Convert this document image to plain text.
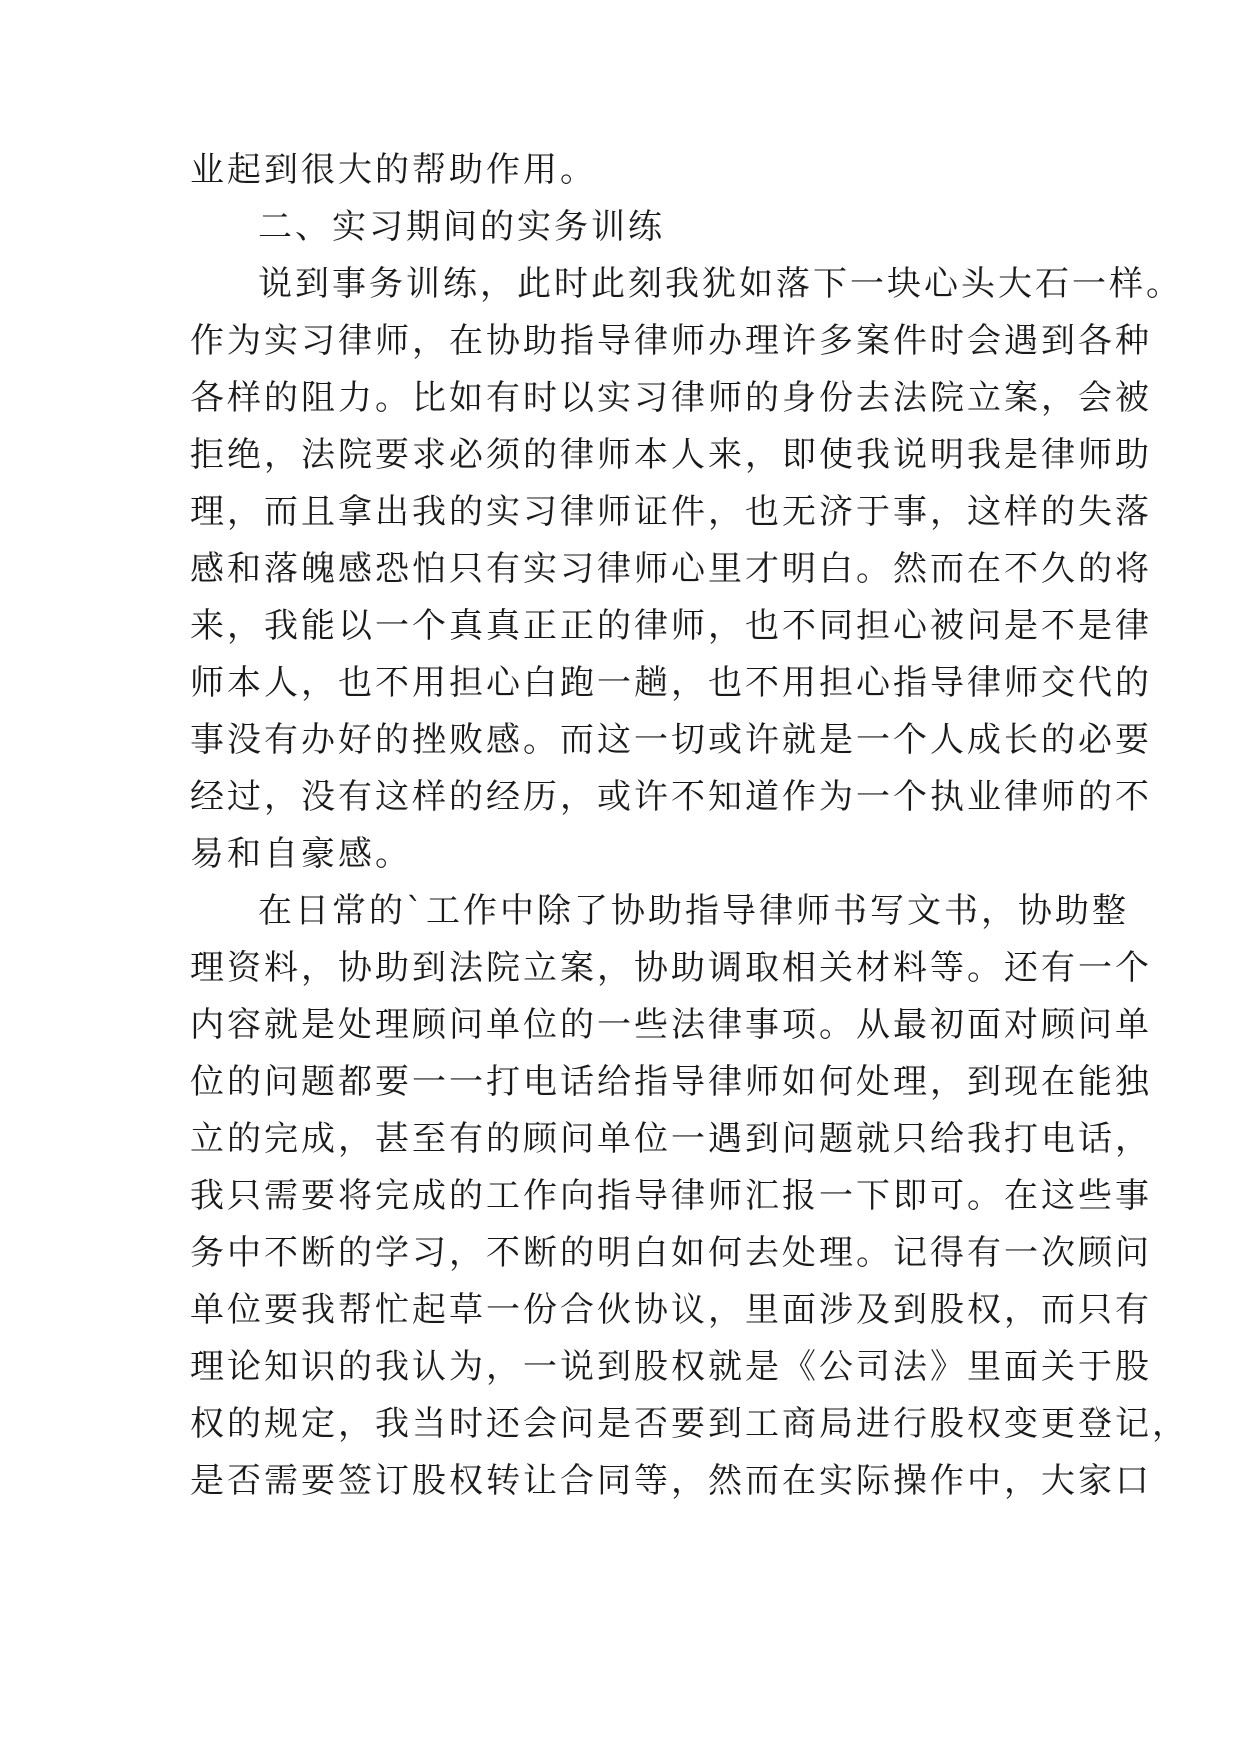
业起到很大的帮助作用。
二、实习期间的实务训练
说到事务训练，此时此刻我犹如落下一块心头大石一样。
作为实习律师，在协助指导律师办理许多案件时会遇到各种
各样的阻力。比如有时以实习律师的身份去法院立案，会被
拒绝，法院要求必须的律师本人来，即使我说明我是律师助
理，而且拿出我的实习律师证件，也无济于事，这样的失落
感和落魄感恐怕只有实习律师心里才明白。然而在不久的将
来，我能以一个真真正正的律师，也不同担心被问是不是律
师本人，也不用担心白跑一趟，也不用担心指导律师交代的
事没有办好的挫败感。而这一切或许就是一个人成长的必要
经过，没有这样的经历，或许不知道作为一个执业律师的不
易和自豪感。
在日常的`工作中除了协助指导律师书写文书，协助整
理资料，协助到法院立案，协助调取相关材料等。还有一个
内容就是处理顾问单位的一些法律事项。从最初面对顾问单
位的问题都要一一打电话给指导律师如何处理，到现在能独
立的完成，甚至有的顾问单位一遇到问题就只给我打电话，
我只需要将完成的工作向指导律师汇报一下即可。在这些事
务中不断的学习，不断的明白如何去处理。记得有一次顾问
单位要我帮忙起草一份合伙协议，里面涉及到股权，而只有
理论知识的我认为，一说到股权就是《公司法》里面关于股
权的规定，我当时还会问是否要到工商局进行股权变更登记，
是否需要签订股权转让合同等，然而在实际操作中，大家口
